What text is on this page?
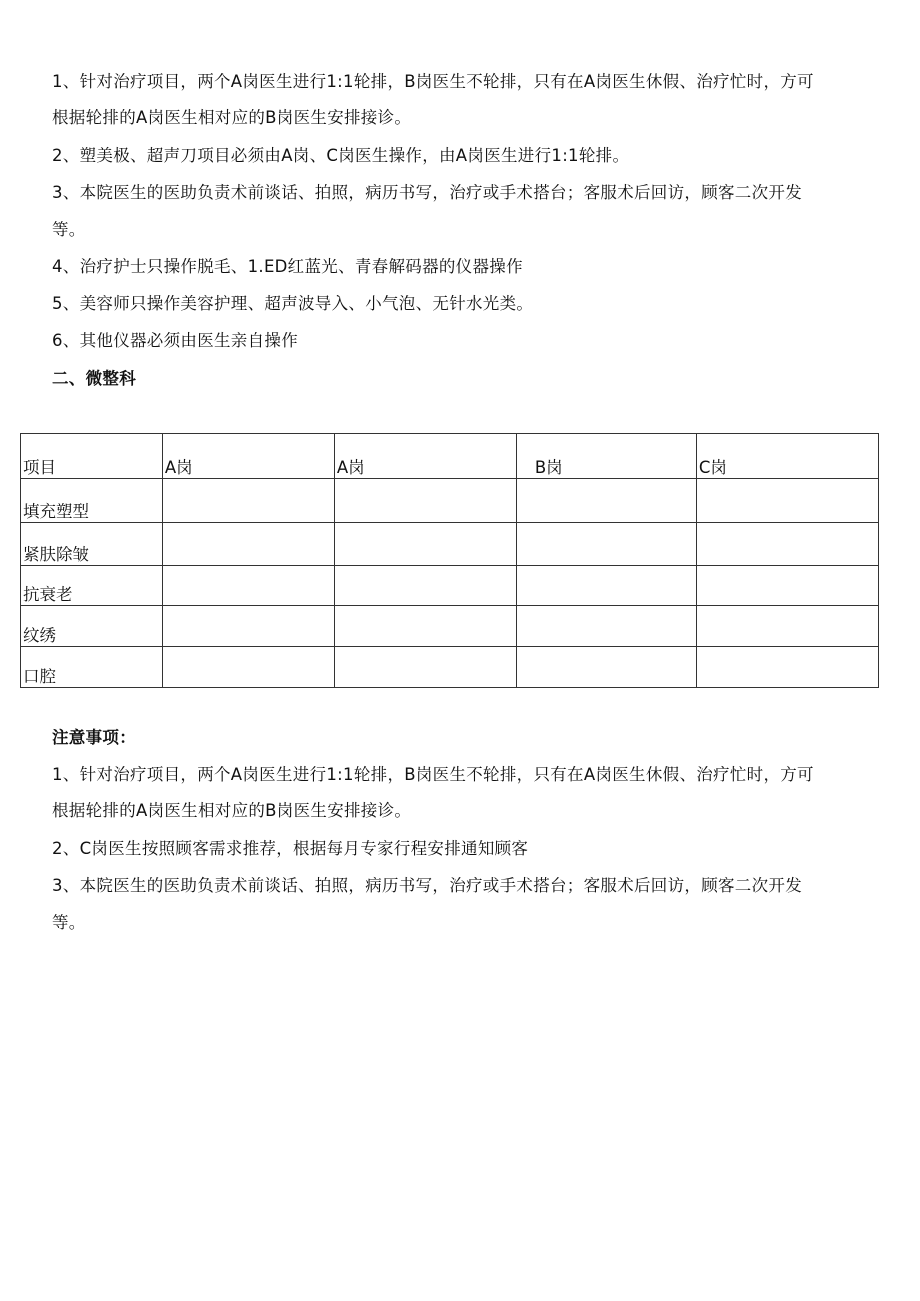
1、针对治疗项目，两个A岗医生进行1:1轮排，B岗医生不轮排，只有在A岗医生休假、治疗忙时，方可
根据轮排的A岗医生相对应的B岗医生安排接诊。
2、塑美极、超声刀项目必须由A岗、C岗医生操作，由A岗医生进行1:1轮排。
3、本院医生的医助负责术前谈话、拍照，病历书写，治疗或手术搭台；客服术后回访，顾客二次开发
等。
4、治疗护士只操作脱毛、1.ED红蓝光、青春解码器的仪器操作
5、美容师只操作美容护理、超声波导入、小气泡、无针水光类。
6、其他仪器必须由医生亲自操作
二、微整科
项目	A岗	A岗	B岗	C岗
填充塑型				
紧肤除皱				
抗衰老				
纹绣				
口腔				
注意事项：
1、针对治疗项目，两个A岗医生进行1:1轮排，B岗医生不轮排，只有在A岗医生休假、治疗忙时，方可
根据轮排的A岗医生相对应的B岗医生安排接诊。
2、C岗医生按照顾客需求推荐，根据每月专家行程安排通知顾客
3、本院医生的医助负责术前谈话、拍照，病历书写，治疗或手术搭台；客服术后回访，顾客二次开发
等。
